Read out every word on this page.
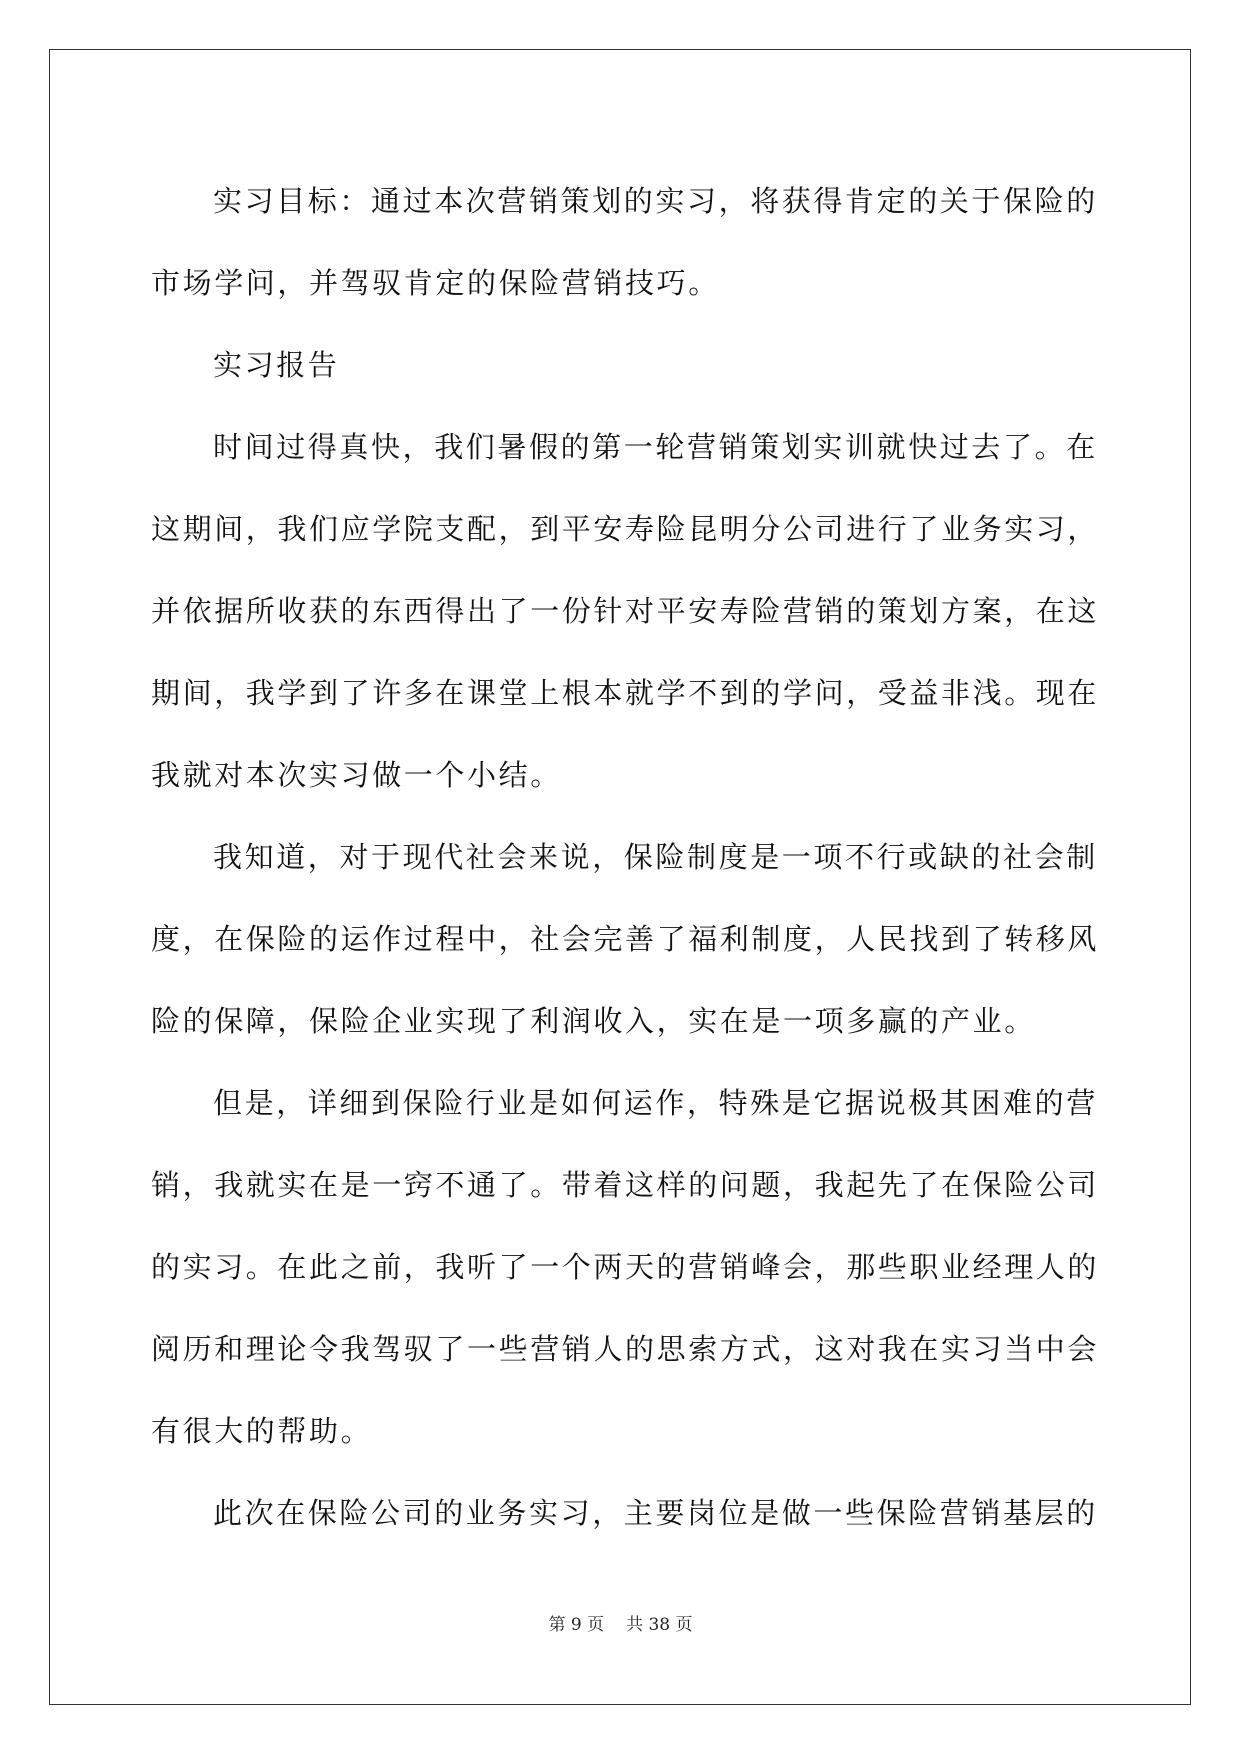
实习目标：通过本次营销策划的实习，将获得肯定的关于保险的
市场学问，并驾驭肯定的保险营销技巧。
实习报告
时间过得真快，我们暑假的第一轮营销策划实训就快过去了。在
这期间，我们应学院支配，到平安寿险昆明分公司进行了业务实习，
并依据所收获的东西得出了一份针对平安寿险营销的策划方案，在这
期间，我学到了许多在课堂上根本就学不到的学问，受益非浅。现在
我就对本次实习做一个小结。
我知道，对于现代社会来说，保险制度是一项不行或缺的社会制
度，在保险的运作过程中，社会完善了福利制度，人民找到了转移风
险的保障，保险企业实现了利润收入，实在是一项多赢的产业。
但是，详细到保险行业是如何运作，特殊是它据说极其困难的营
销，我就实在是一窍不通了。带着这样的问题，我起先了在保险公司
的实习。在此之前，我听了一个两天的营销峰会，那些职业经理人的
阅历和理论令我驾驭了一些营销人的思索方式，这对我在实习当中会
有很大的帮助。
此次在保险公司的业务实习，主要岗位是做一些保险营销基层的
第 9 页 共 38 页
